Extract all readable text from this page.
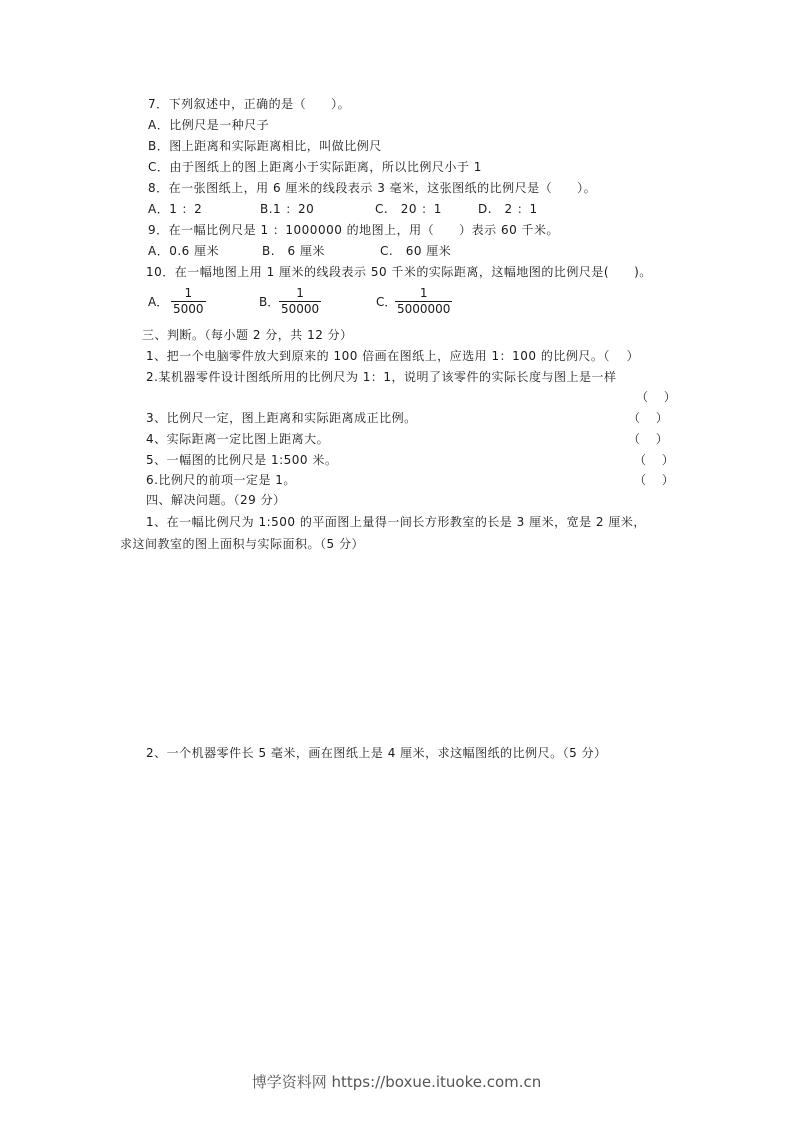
7．下列叙述中，正确的是（　　）。
A．比例尺是一种尺子
B．图上距离和实际距离相比，叫做比例尺
C．由于图纸上的图上距离小于实际距离，所以比例尺小于 1
8．在一张图纸上，用 6 厘米的线段表示 3 毫米，这张图纸的比例尺是（　　）。
A．1 ：2	B.1 ：20	C.　20 ：1	D.　2 ：1
9．在一幅比例尺是 1 ：1000000 的地图上，用（　　）表示 60 千米。
A．0.6 厘米	B.　6 厘米	C.　60 厘米
10．在一幅地图上用 1 厘米的线段表示 50 千米的实际距离，这幅地图的比例尺是(　　)。
A．
1
5000	B．
1
50000	C．
1
5000000
三、判断。（每小题 2 分，共 12 分）
1、把一个电脑零件放大到原来的 100 倍画在图纸上，应选用 1：100 的比例尺。（　 ）
2.某机器零件设计图纸所用的比例尺为 1：1，说明了该零件的实际长度与图上是一样
（　 ）
3、比例尺一定，图上距离和实际距离成正比例。	（　 ）
4、实际距离一定比图上距离大。	（　 ）
5、一幅图的比例尺是 1:500 米。	（　 ）
6.比例尺的前项一定是 1。	（　 ）
四、解决问题。（29 分）
1、在一幅比例尺为 1:500 的平面图上量得一间长方形教室的长是 3 厘米，宽是 2 厘米，
求这间教室的图上面积与实际面积。（5 分）
2、一个机器零件长 5 毫米，画在图纸上是 4 厘米，求这幅图纸的比例尺。（5 分）
博学资料网 https://boxue.ituoke.com.cn
